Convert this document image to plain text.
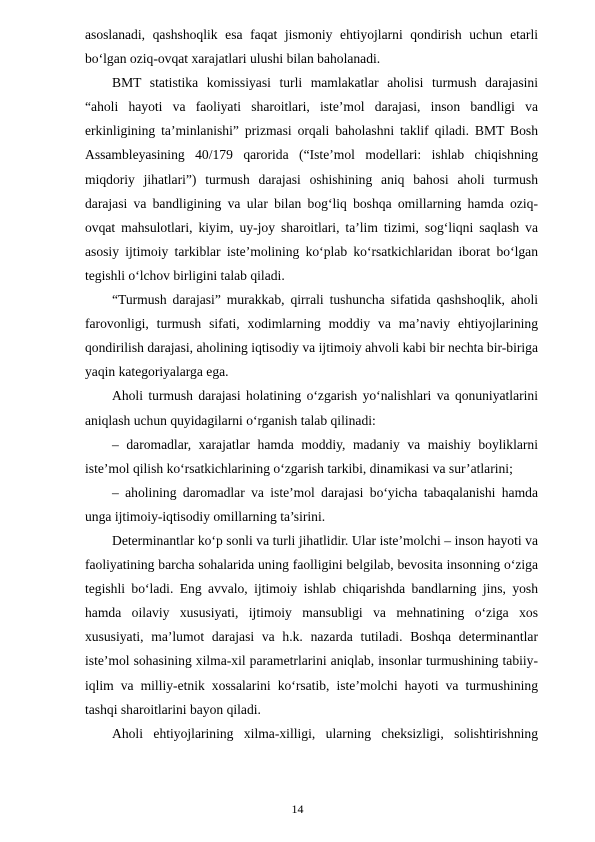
asoslanadi, qashshoqlik esa faqat jismoniy ehtiyojlarni qondirish uchun etarli bo‘lgan oziq-ovqat xarajatlari ulushi bilan baholanadi.

BMT statistika komissiyasi turli mamlakatlar aholisi turmush darajasini “aholi hayoti va faoliyati sharoitlari, iste’mol darajasi, inson bandligi va erkinligining ta’minlanishi” prizmasi orqali baholashni taklif qiladi. BMT Bosh Assambleyasining 40/179 qarorida (“Iste’mol modellari: ishlab chiqishning miqdoriy jihatlari”) turmush darajasi oshishining aniq bahosi aholi turmush darajasi va bandligining va ular bilan bog‘liq boshqa omillarning hamda oziq-ovqat mahsulotlari, kiyim, uy-joy sharoitlari, ta’lim tizimi, sog‘liqni saqlash va asosiy ijtimoiy tarkiblar iste’molining ko‘plab ko‘rsatkichlaridan iborat bo‘lgan tegishli o‘lchov birligini talab qiladi.

“Turmush darajasi” murakkab, qirrali tushuncha sifatida qashshoqlik, aholi farovonligi, turmush sifati, xodimlarning moddiy va ma’naviy ehtiyojlarining qondirilish darajasi, aholining iqtisodiy va ijtimoiy ahvoli kabi bir nechta bir-biriga yaqin kategoriyalarga ega.

Aholi turmush darajasi holatining o‘zgarish yo‘nalishlari va qonuniyatlarini aniqlash uchun quyidagilarni o‘rganish talab qilinadi:

– daromadlar, xarajatlar hamda moddiy, madaniy va maishiy boyliklarni iste’mol qilish ko‘rsatkichlarining o‘zgarish tarkibi, dinamikasi va sur’atlarini;

– aholining daromadlar va iste’mol darajasi bo‘yicha tabaqalanishi hamda unga ijtimoiy-iqtisodiy omillarning ta’sirini.

Determinantlar ko‘p sonli va turli jihatlidir. Ular iste’molchi – inson hayoti va faoliyatining barcha sohalarida uning faolligini belgilab, bevosita insonning o‘ziga tegishli bo‘ladi. Eng avvalo, ijtimoiy ishlab chiqarishda bandlarning jins, yosh hamda oilaviy xususiyati, ijtimoiy mansubligi va mehnatining o‘ziga xos xususiyati, ma’lumot darajasi va h.k. nazarda tutiladi. Boshqa determinantlar iste’mol sohasining xilma-xil parametrlarini aniqlab, insonlar turmushining tabiiy- iqlim va milliy-etnik xossalarini ko‘rsatib, iste’molchi hayoti va turmushining tashqi sharoitlarini bayon qiladi.

Aholi ehtiyojlarining xilma-xilligi, ularning cheksizligi, solishtirishning

14
